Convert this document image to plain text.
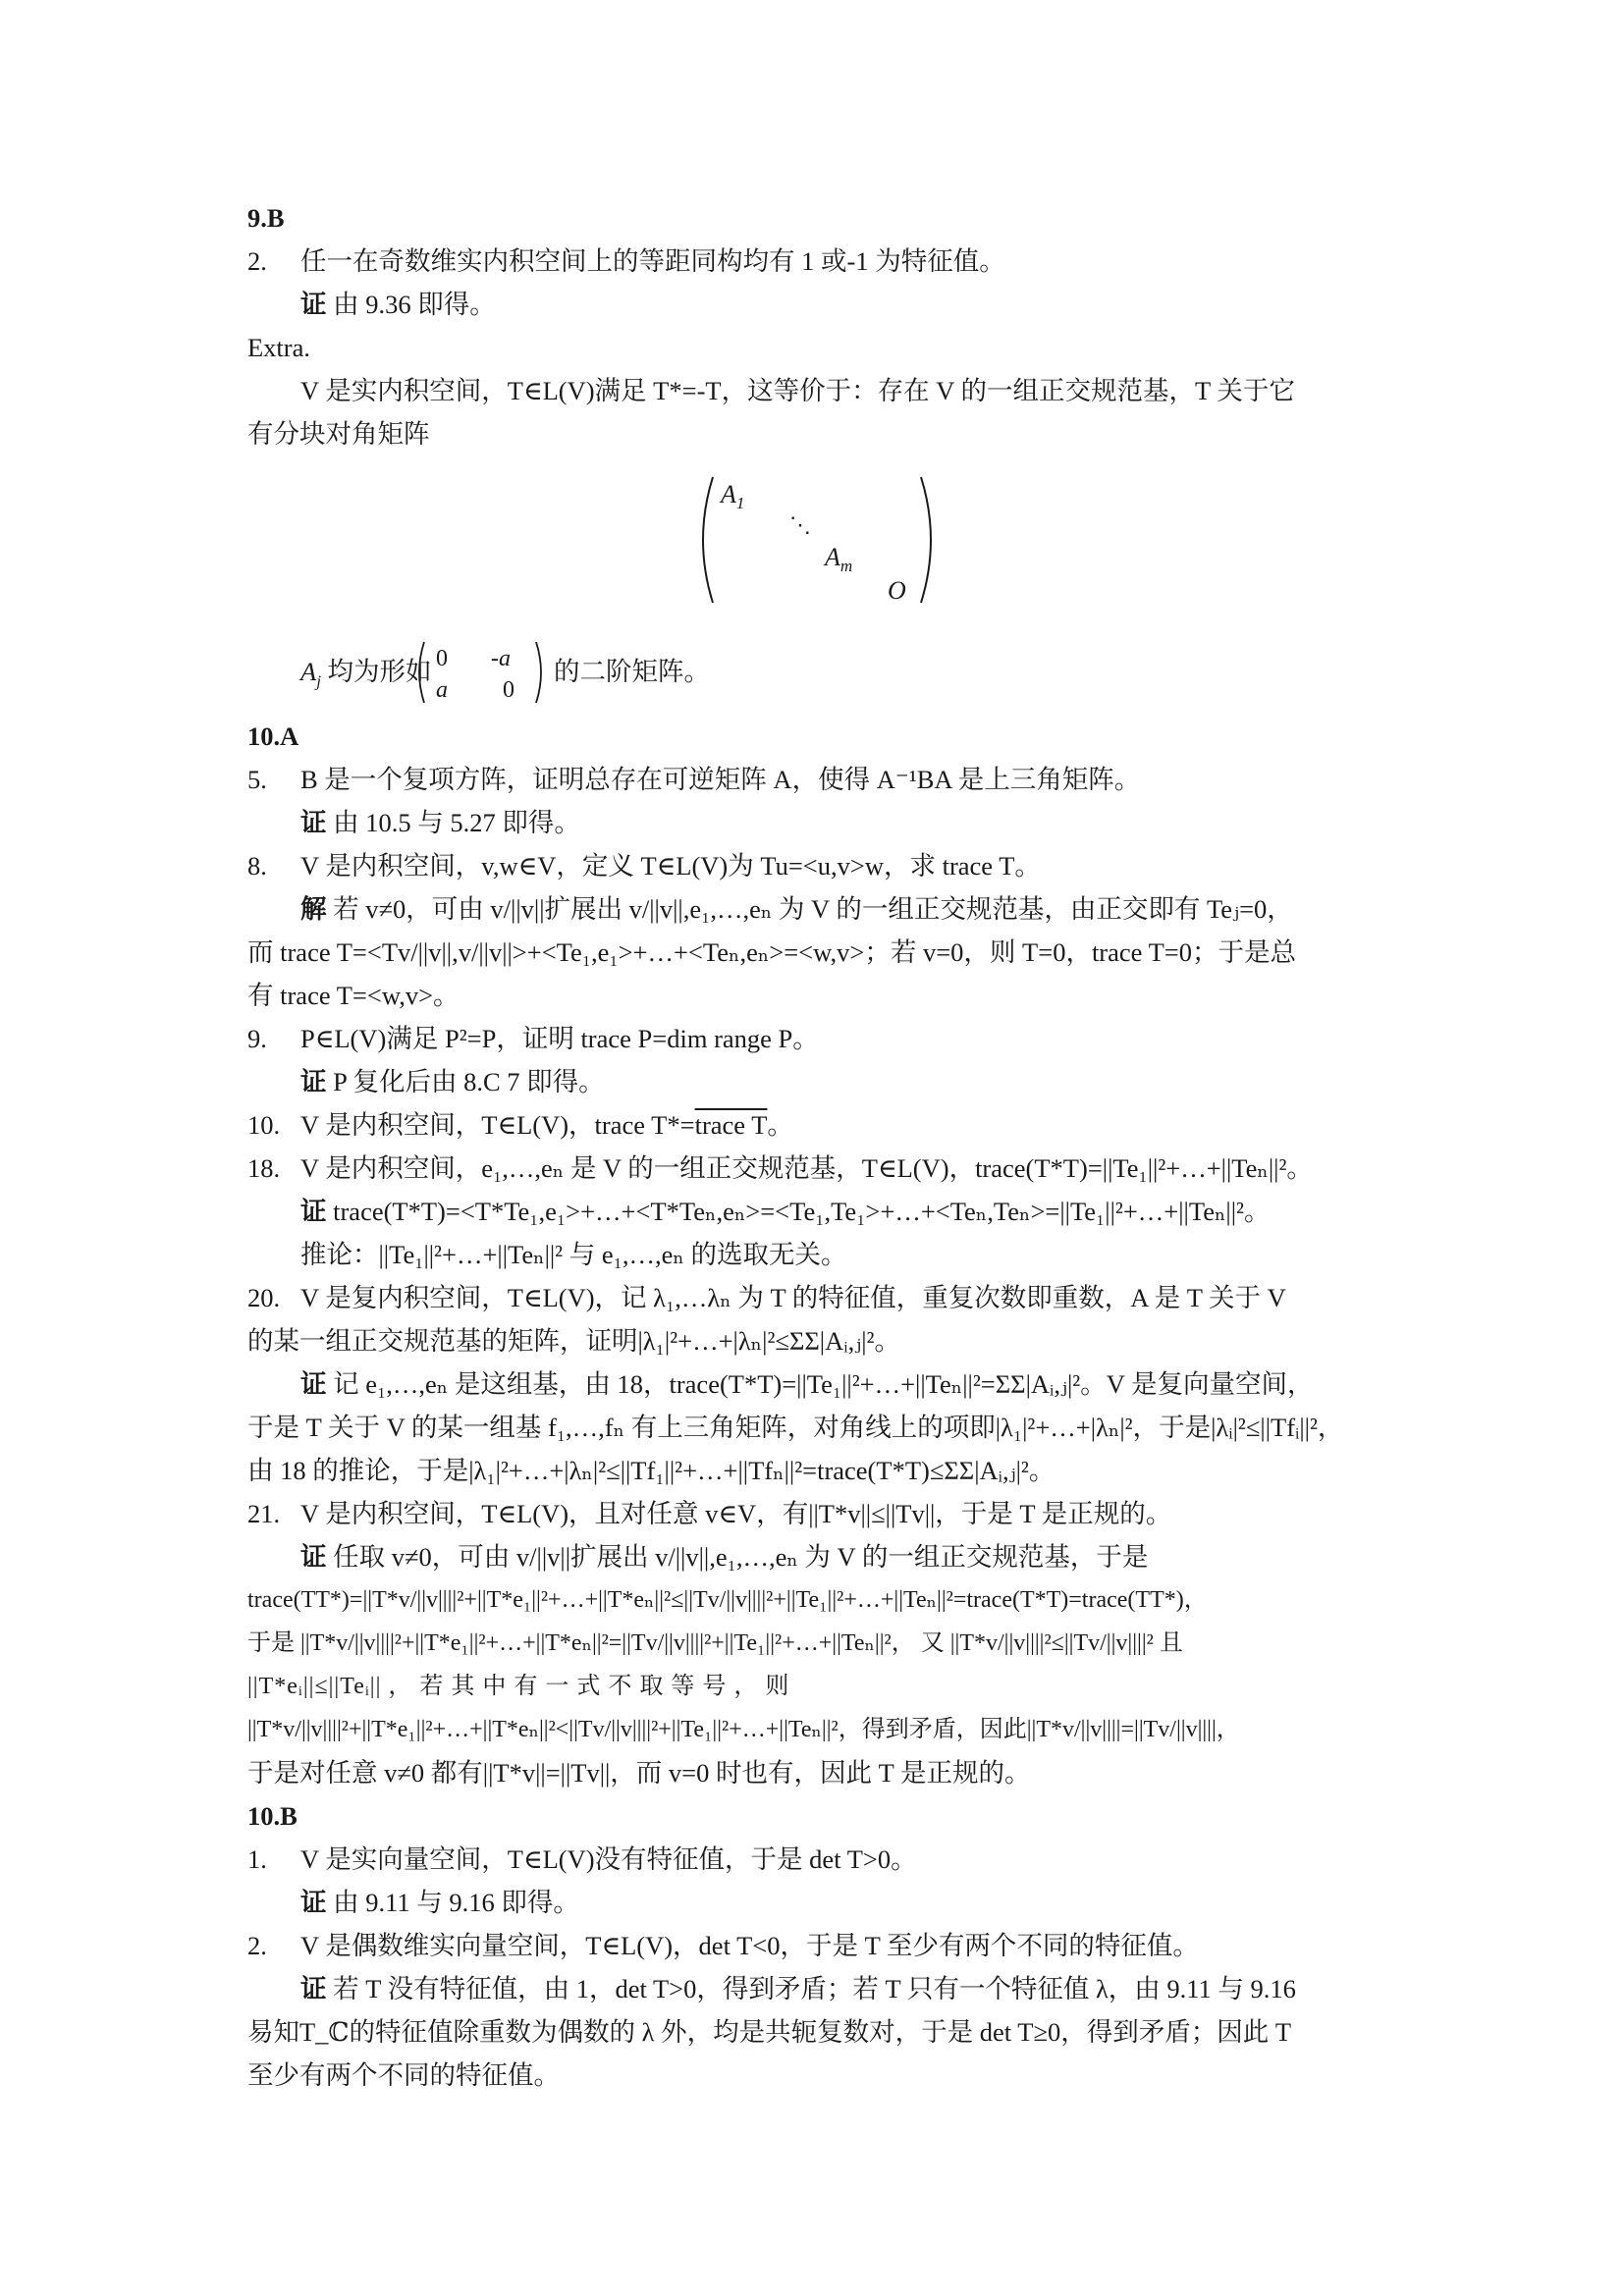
9.B
2. 任一在奇数维实内积空间上的等距同构均有 1 或-1 为特征值。
证 由 9.36 即得。
Extra.
V 是实内积空间，T∈L(V)满足 T*=-T，这等价于：存在 V 的一组正交规范基，T 关于它
有分块对角矩阵
$A_1$
⋱
$A_m$
O
$A_j$ 均为形如 0 -a
a 0
的二阶矩阵。
10.A
5. B 是一个复项方阵，证明总存在可逆矩阵 A，使得 A⁻¹BA 是上三角矩阵。
证 由 10.5 与 5.27 即得。
8. V 是内积空间，v,w∈V，定义 T∈L(V)为 Tu=<u,v>w，求 trace T。
解 若 v≠0，可由 v/||v||扩展出 v/||v||,e₁,…,eₙ 为 V 的一组正交规范基，由正交即有 Teⱼ=0，
而 trace T=<Tv/||v||,v/||v||>+<Te₁,e₁>+…+<Teₙ,eₙ>=<w,v>；若 v=0，则 T=0，trace T=0；于是总
有 trace T=<w,v>。
9. P∈L(V)满足 P²=P，证明 trace P=dim range P。
证 P 复化后由 8.C 7 即得。
10. V 是内积空间，T∈L(V)，trace T*=trace T。
18. V 是内积空间，e₁,…,eₙ 是 V 的一组正交规范基，T∈L(V)，trace(T*T)=||Te₁||²+…+||Teₙ||²。
证 trace(T*T)=<T*Te₁,e₁>+…+<T*Teₙ,eₙ>=<Te₁,Te₁>+…+<Teₙ,Teₙ>=||Te₁||²+…+||Teₙ||²。
推论：||Te₁||²+…+||Teₙ||² 与 e₁,…,eₙ 的选取无关。
20. V 是复内积空间，T∈L(V)，记 λ₁,…λₙ 为 T 的特征值，重复次数即重数，A 是 T 关于 V
的某一组正交规范基的矩阵，证明|λ₁|²+…+|λₙ|²≤ΣΣ|Aᵢ,ⱼ|²。
证 记 e₁,…,eₙ 是这组基，由 18，trace(T*T)=||Te₁||²+…+||Teₙ||²=ΣΣ|Aᵢ,ⱼ|²。V 是复向量空间，
于是 T 关于 V 的某一组基 f₁,…,fₙ 有上三角矩阵，对角线上的项即|λ₁|²+…+|λₙ|²，于是|λᵢ|²≤||Tfᵢ||²，
由 18 的推论，于是|λ₁|²+…+|λₙ|²≤||Tf₁||²+…+||Tfₙ||²=trace(T*T)≤ΣΣ|Aᵢ,ⱼ|²。
21. V 是内积空间，T∈L(V)，且对任意 v∈V，有||T*v||≤||Tv||，于是 T 是正规的。
证 任取 v≠0，可由 v/||v||扩展出 v/||v||,e₁,…,eₙ 为 V 的一组正交规范基，于是
trace(TT*)=||T*v/||v||||²+||T*e₁||²+…+||T*eₙ||²≤||Tv/||v||||²+||Te₁||²+…+||Teₙ||²=trace(T*T)=trace(TT*)，
于是 ||T*v/||v||||²+||T*e₁||²+…+||T*eₙ||²=||Tv/||v||||²+||Te₁||²+…+||Teₙ||²， 又 ||T*v/||v||||²≤||Tv/||v||||² 且
||T*eᵢ||≤||Teᵢ|| ， 若 其 中 有 一 式 不 取 等 号 ， 则
||T*v/||v||||²+||T*e₁||²+…+||T*eₙ||²<||Tv/||v||||²+||Te₁||²+…+||Teₙ||²，得到矛盾，因此||T*v/||v||||=||Tv/||v||||，
于是对任意 v≠0 都有||T*v||=||Tv||，而 v=0 时也有，因此 T 是正规的。
10.B
1. V 是实向量空间，T∈L(V)没有特征值，于是 det T>0。
证 由 9.11 与 9.16 即得。
2. V 是偶数维实向量空间，T∈L(V)，det T<0，于是 T 至少有两个不同的特征值。
证 若 T 没有特征值，由 1，det T>0，得到矛盾；若 T 只有一个特征值 λ，由 9.11 与 9.16
易知T_ℂ的特征值除重数为偶数的 λ 外，均是共轭复数对，于是 det T≥0，得到矛盾；因此 T
至少有两个不同的特征值。
